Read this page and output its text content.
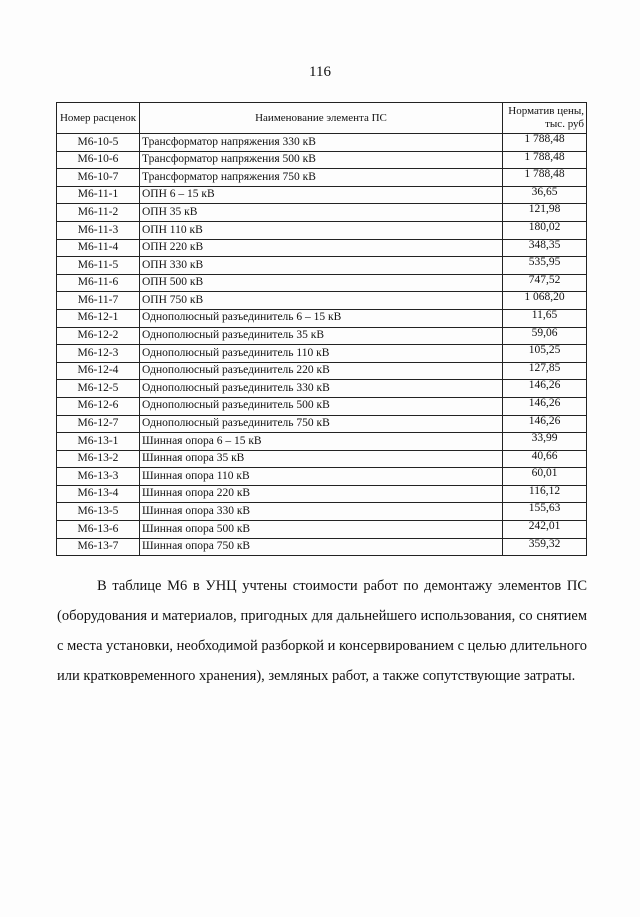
116
Номер расценок	Наименование элемента ПС	Норматив цены, тыс. руб
М6-10-5	Трансформатор напряжения 330 кВ	1 788,48
М6-10-6	Трансформатор напряжения 500 кВ	1 788,48
М6-10-7	Трансформатор напряжения 750 кВ	1 788,48
М6-11-1	ОПН 6 – 15 кВ	36,65
М6-11-2	ОПН 35 кВ	121,98
М6-11-3	ОПН 110 кВ	180,02
М6-11-4	ОПН 220 кВ	348,35
М6-11-5	ОПН 330 кВ	535,95
М6-11-6	ОПН 500 кВ	747,52
М6-11-7	ОПН 750 кВ	1 068,20
М6-12-1	Однополюсный разъединитель 6 – 15 кВ	11,65
М6-12-2	Однополюсный разъединитель 35 кВ	59,06
М6-12-3	Однополюсный разъединитель 110 кВ	105,25
М6-12-4	Однополюсный разъединитель 220 кВ	127,85
М6-12-5	Однополюсный разъединитель 330 кВ	146,26
М6-12-6	Однополюсный разъединитель 500 кВ	146,26
М6-12-7	Однополюсный разъединитель 750 кВ	146,26
М6-13-1	Шинная опора 6 – 15 кВ	33,99
М6-13-2	Шинная опора 35 кВ	40,66
М6-13-3	Шинная опора 110 кВ	60,01
М6-13-4	Шинная опора 220 кВ	116,12
М6-13-5	Шинная опора 330 кВ	155,63
М6-13-6	Шинная опора 500 кВ	242,01
М6-13-7	Шинная опора 750 кВ	359,32

В таблице М6 в УНЦ учтены стоимости работ по демонтажу элементов ПС (оборудования и материалов, пригодных для дальнейшего использования, со снятием с места установки, необходимой разборкой и консервированием с целью длительного или кратковременного хранения), земляных работ, а также сопутствующие затраты.
